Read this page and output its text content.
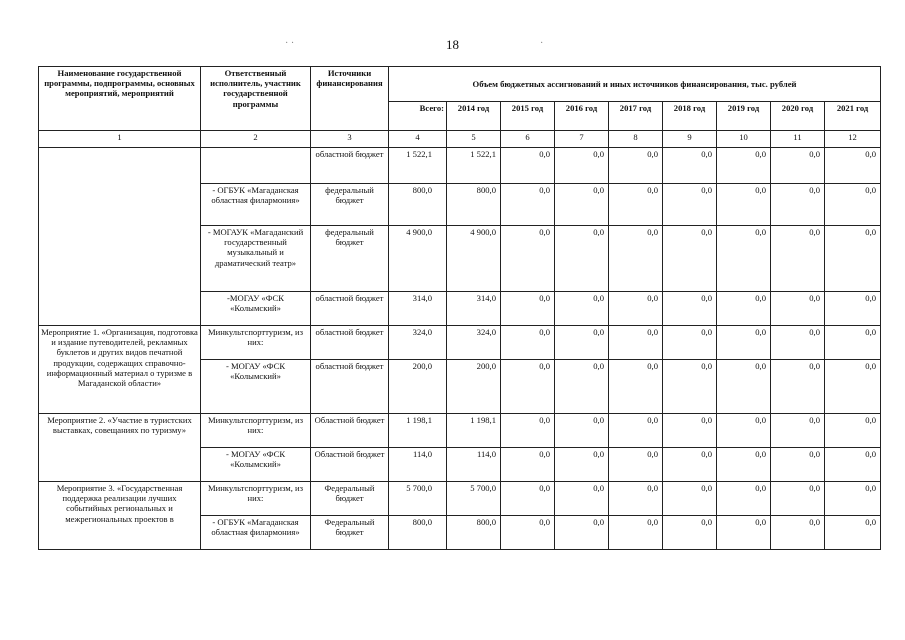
18
· ·	·
Наименование государственной программы, подпрограммы, основных мероприятий, мероприятий	Ответственный исполнитель, участник государственной программы	Источники финансирования	Объем бюджетных ассигнований и иных источников финансирования, тыс. рублей								
			Всего:	2014 год	2015 год	2016 год	2017 год	2018 год	2019 год	2020 год	2021 год
1	2	3	4	5	6	7	8	9	10	11	12
		областной бюджет	1 522,1	1 522,1	0,0	0,0	0,0	0,0	0,0	0,0	0,0
	- ОГБУК «Магаданская областная филармония»	федеральный бюджет	800,0	800,0	0,0	0,0	0,0	0,0	0,0	0,0	0,0
	- МОГАУК «Магаданский государственный музыкальный и драматический театр»	федеральный бюджет	4 900,0	4 900,0	0,0	0,0	0,0	0,0	0,0	0,0	0,0
	-МОГАУ «ФСК «Колымский»	областной бюджет	314,0	314,0	0,0	0,0	0,0	0,0	0,0	0,0	0,0
Мероприятие 1. «Организация, подготовка и издание путеводителей, рекламных буклетов и других видов печатной продукции, содержащих справочно-информационный материал о туризме в Магаданской области»	Минкультспорттуризм, из них:	областной бюджет	324,0	324,0	0,0	0,0	0,0	0,0	0,0	0,0	0,0
	- МОГАУ «ФСК «Колымский»	областной бюджет	200,0	200,0	0,0	0,0	0,0	0,0	0,0	0,0	0,0
Мероприятие 2. «Участие в туристских выставках, совещаниях по туризму»	Минкультспорттуризм, из них:	Областной бюджет	1 198,1	1 198,1	0,0	0,0	0,0	0,0	0,0	0,0	0,0
	- МОГАУ «ФСК «Колымский»	Областной бюджет	114,0	114,0	0,0	0,0	0,0	0,0	0,0	0,0	0,0
Мероприятие 3. «Государственная поддержка реализации лучших событийных региональных и межрегиональных проектов в	Минкультспорттуризм, из них:	Федеральный бюджет	5 700,0	5 700,0	0,0	0,0	0,0	0,0	0,0	0,0	0,0
	- ОГБУК «Магаданская областная филармония»	Федеральный бюджет	800,0	800,0	0,0	0,0	0,0	0,0	0,0	0,0	0,0
